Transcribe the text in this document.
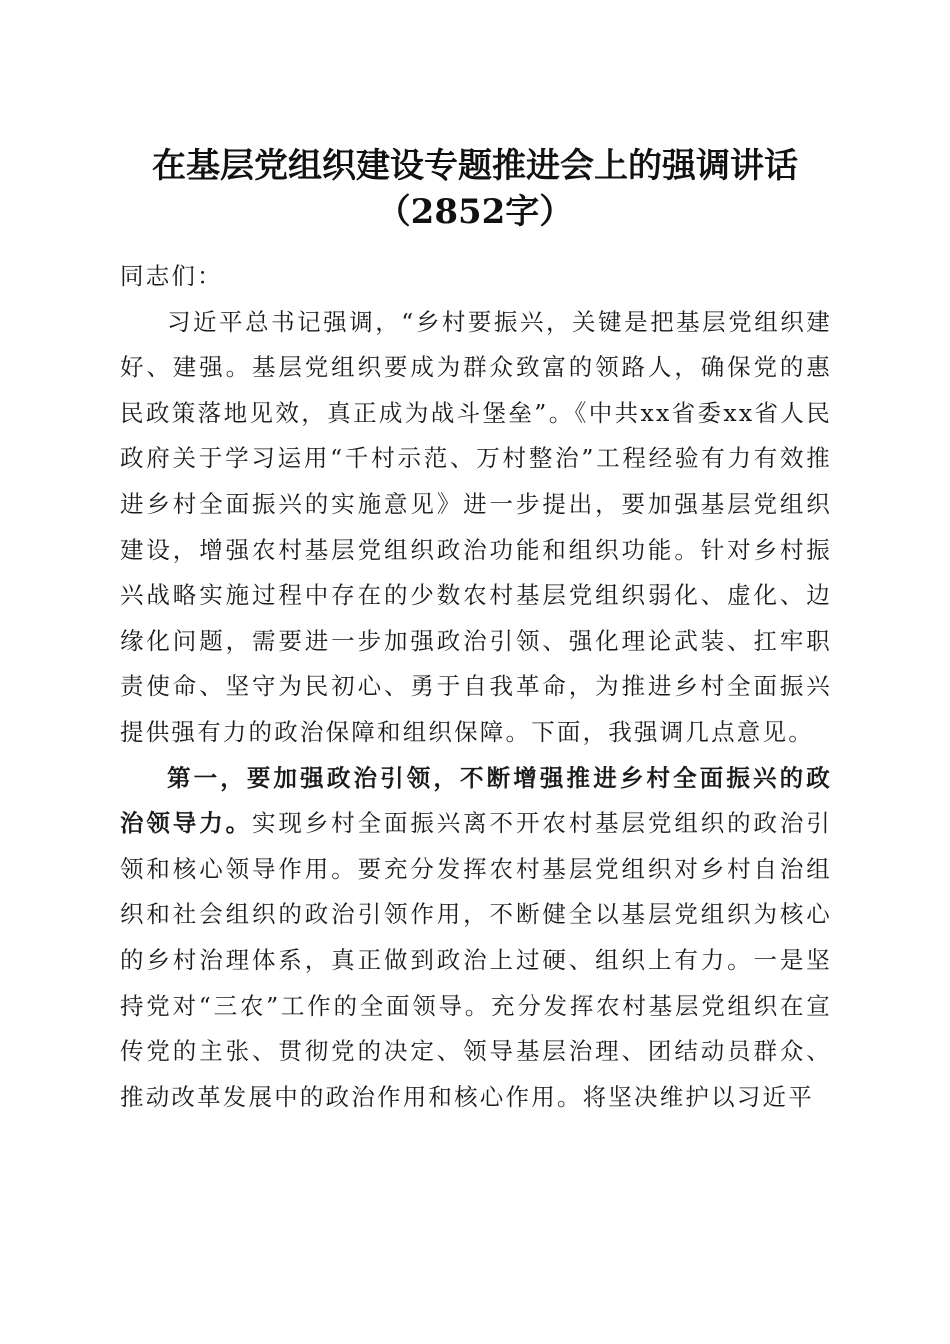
在基层党组织建设专题推进会上的强调讲话
（2852字）

同志们：

习近平总书记强调，“乡村要振兴，关键是把基层党组织建好、建强。基层党组织要成为群众致富的领路人，确保党的惠民政策落地见效，真正成为战斗堡垒”。《中共xx省委xx省人民政府关于学习运用“千村示范、万村整治”工程经验有力有效推进乡村全面振兴的实施意见》进一步提出，要加强基层党组织建设，增强农村基层党组织政治功能和组织功能。针对乡村振兴战略实施过程中存在的少数农村基层党组织弱化、虚化、边缘化问题，需要进一步加强政治引领、强化理论武装、扛牢职责使命、坚守为民初心、勇于自我革命，为推进乡村全面振兴提供强有力的政治保障和组织保障。下面，我强调几点意见。

第一，要加强政治引领，不断增强推进乡村全面振兴的政治领导力。实现乡村全面振兴离不开农村基层党组织的政治引领和核心领导作用。要充分发挥农村基层党组织对乡村自治组织和社会组织的政治引领作用，不断健全以基层党组织为核心的乡村治理体系，真正做到政治上过硬、组织上有力。一是坚持党对“三农”工作的全面领导。充分发挥农村基层党组织在宣传党的主张、贯彻党的决定、领导基层治理、团结动员群众、推动改革发展中的政治作用和核心作用。将坚决维护以习近平
